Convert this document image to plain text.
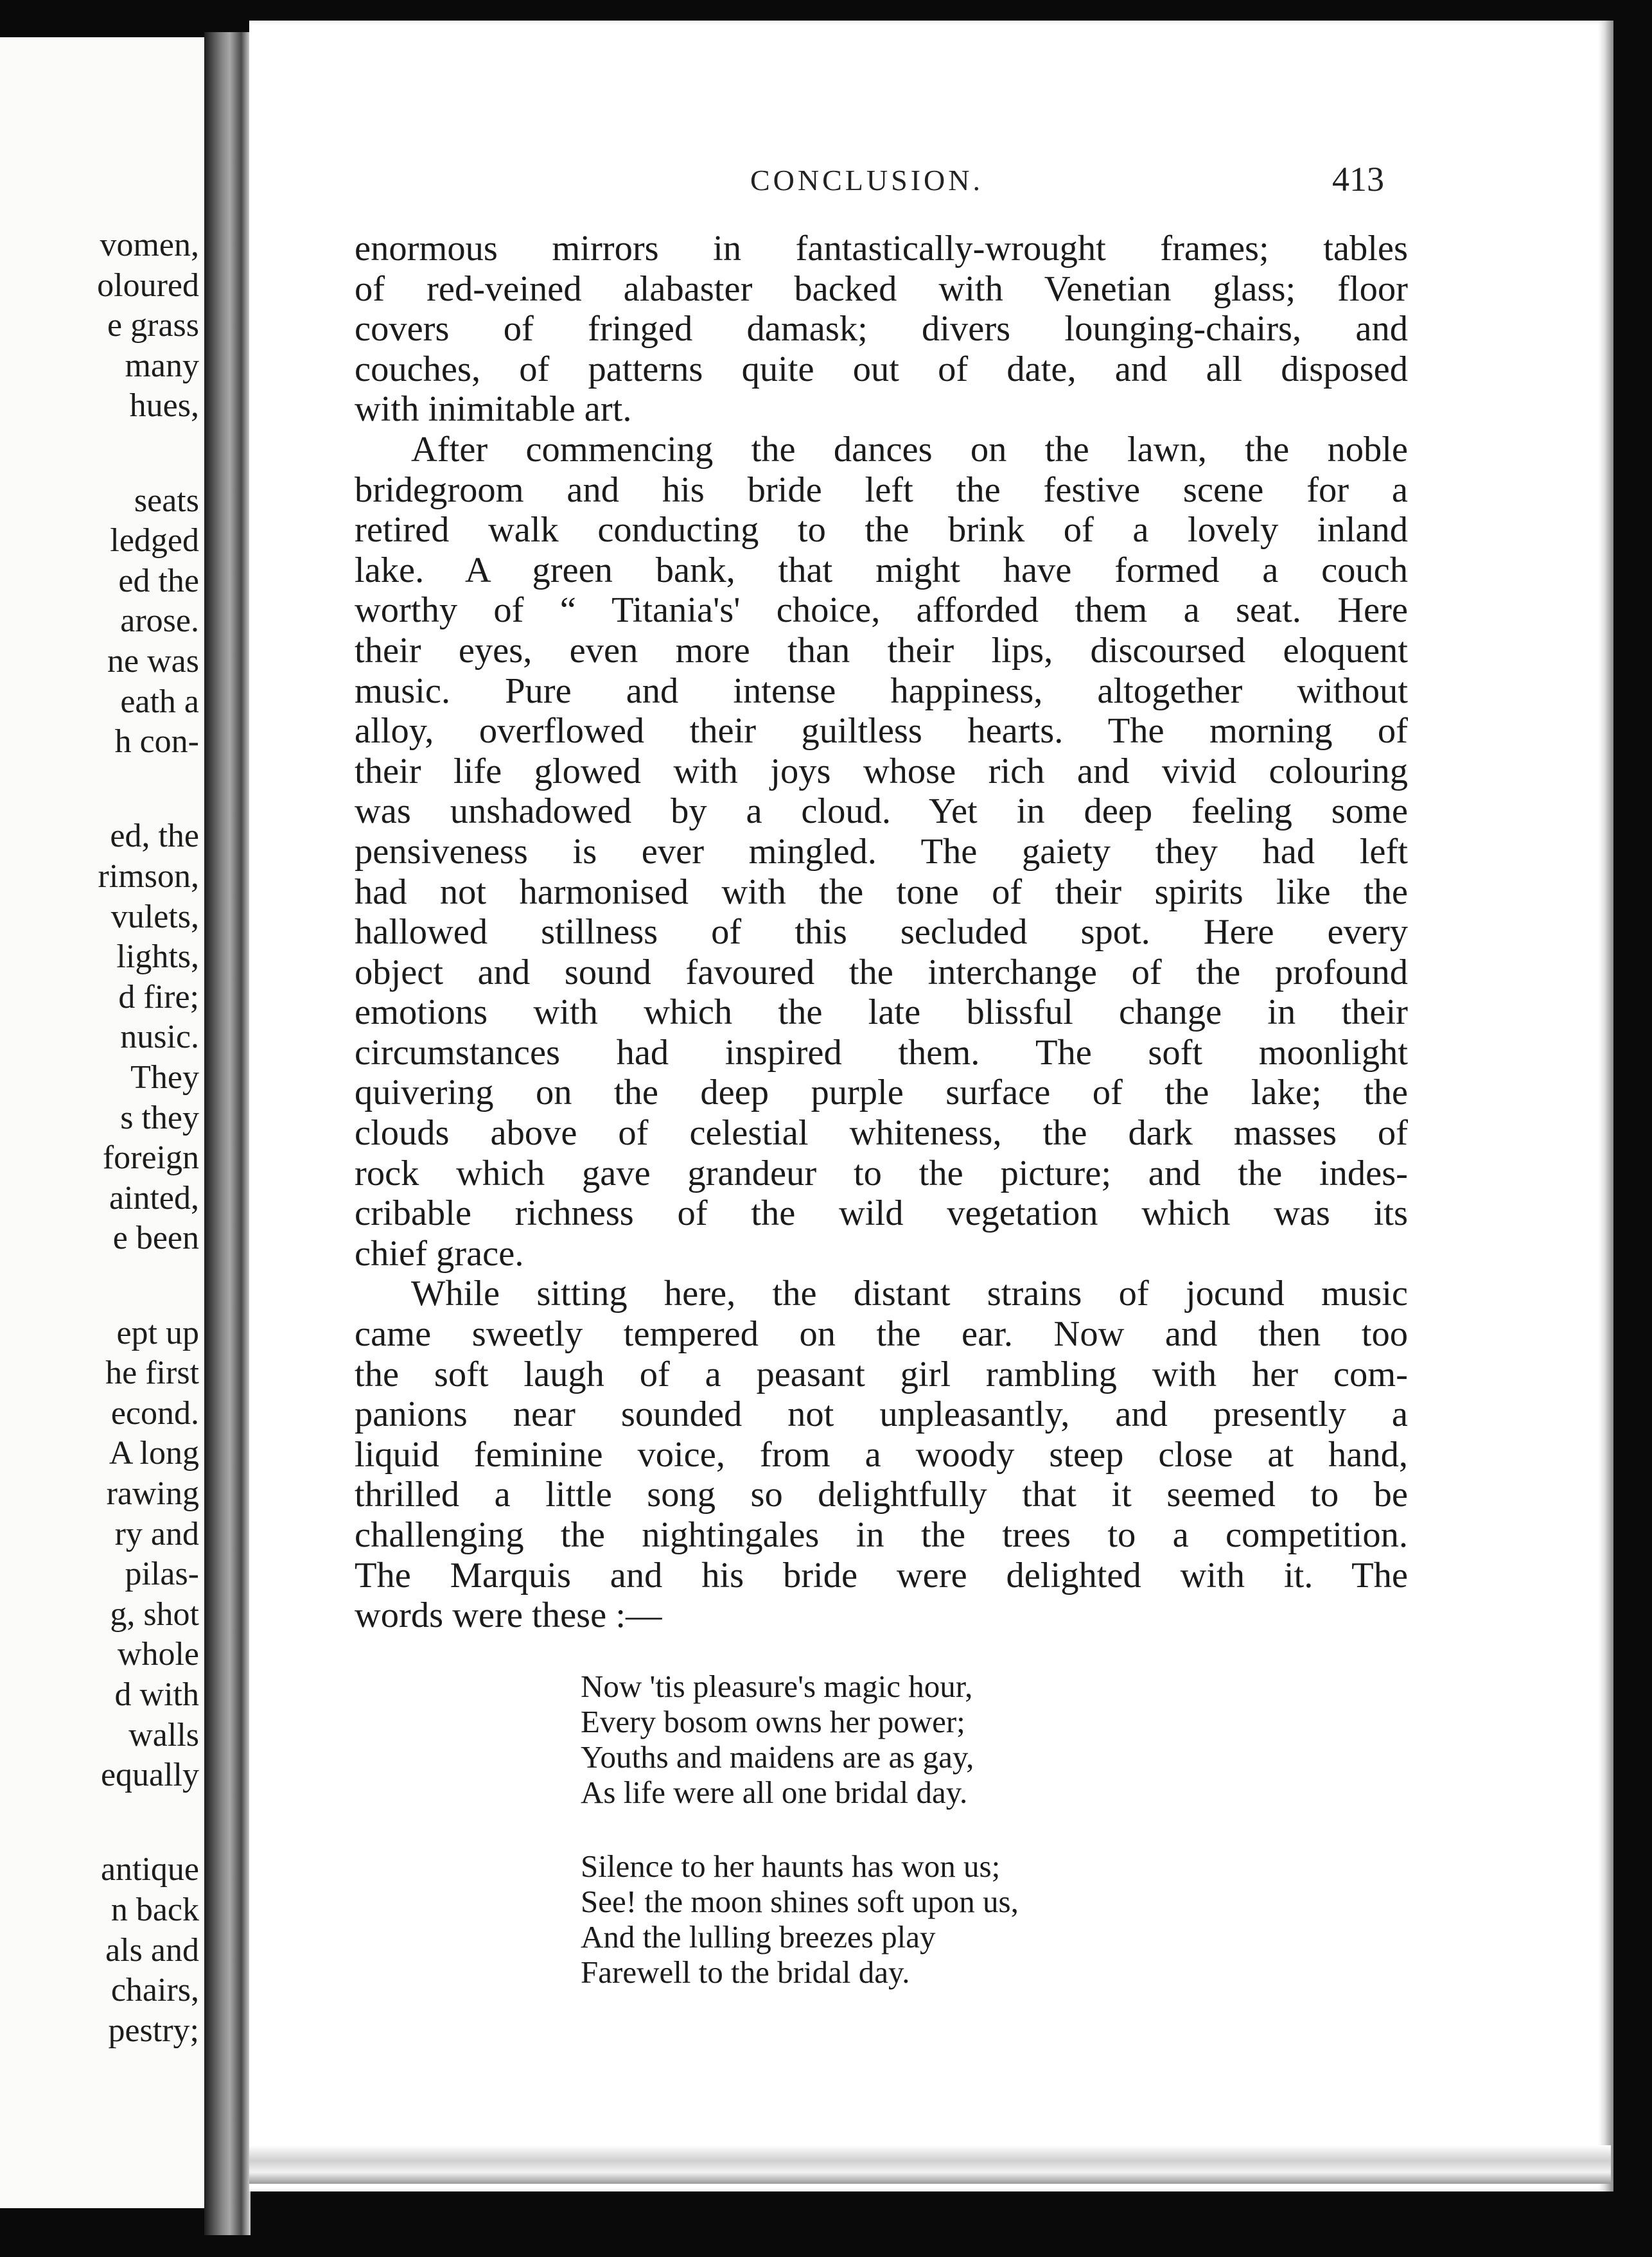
vomen,
oloured
e grass
many
hues,
seats
ledged
ed the
arose.
ne was
eath a
h con-
ed, the
rimson,
vulets,
lights,
d fire;
nusic.
They
s they
foreign
ainted,
e been
ept up
he first
econd.
A long
rawing
ry and
pilas-
g, shot
whole
d with
walls
equally
antique
n back
als and
chairs,
pestry;
CONCLUSION.	413
enormous mirrors in fantastically-wrought frames; tables
of red-veined alabaster backed with Venetian glass; floor
covers of fringed damask; divers lounging-chairs, and
couches, of patterns quite out of date, and all disposed
with inimitable art.
After commencing the dances on the lawn, the noble
bridegroom and his bride left the festive scene for a
retired walk conducting to the brink of a lovely inland
lake. A green bank, that might have formed a couch
worthy of “ Titania's' choice, afforded them a seat. Here
their eyes, even more than their lips, discoursed eloquent
music. Pure and intense happiness, altogether without
alloy, overflowed their guiltless hearts. The morning of
their life glowed with joys whose rich and vivid colouring
was unshadowed by a cloud. Yet in deep feeling some
pensiveness is ever mingled. The gaiety they had left
had not harmonised with the tone of their spirits like the
hallowed stillness of this secluded spot. Here every
object and sound favoured the interchange of the profound
emotions with which the late blissful change in their
circumstances had inspired them. The soft moonlight
quivering on the deep purple surface of the lake; the
clouds above of celestial whiteness, the dark masses of
rock which gave grandeur to the picture; and the indes-
cribable richness of the wild vegetation which was its
chief grace.
While sitting here, the distant strains of jocund music
came sweetly tempered on the ear. Now and then too
the soft laugh of a peasant girl rambling with her com-
panions near sounded not unpleasantly, and presently a
liquid feminine voice, from a woody steep close at hand,
thrilled a little song so delightfully that it seemed to be
challenging the nightingales in the trees to a competition.
The Marquis and his bride were delighted with it. The
words were these :—
Now 'tis pleasure's magic hour,
Every bosom owns her power;
Youths and maidens are as gay,
As life were all one bridal day.
Silence to her haunts has won us;
See! the moon shines soft upon us,
And the lulling breezes play
Farewell to the bridal day.
